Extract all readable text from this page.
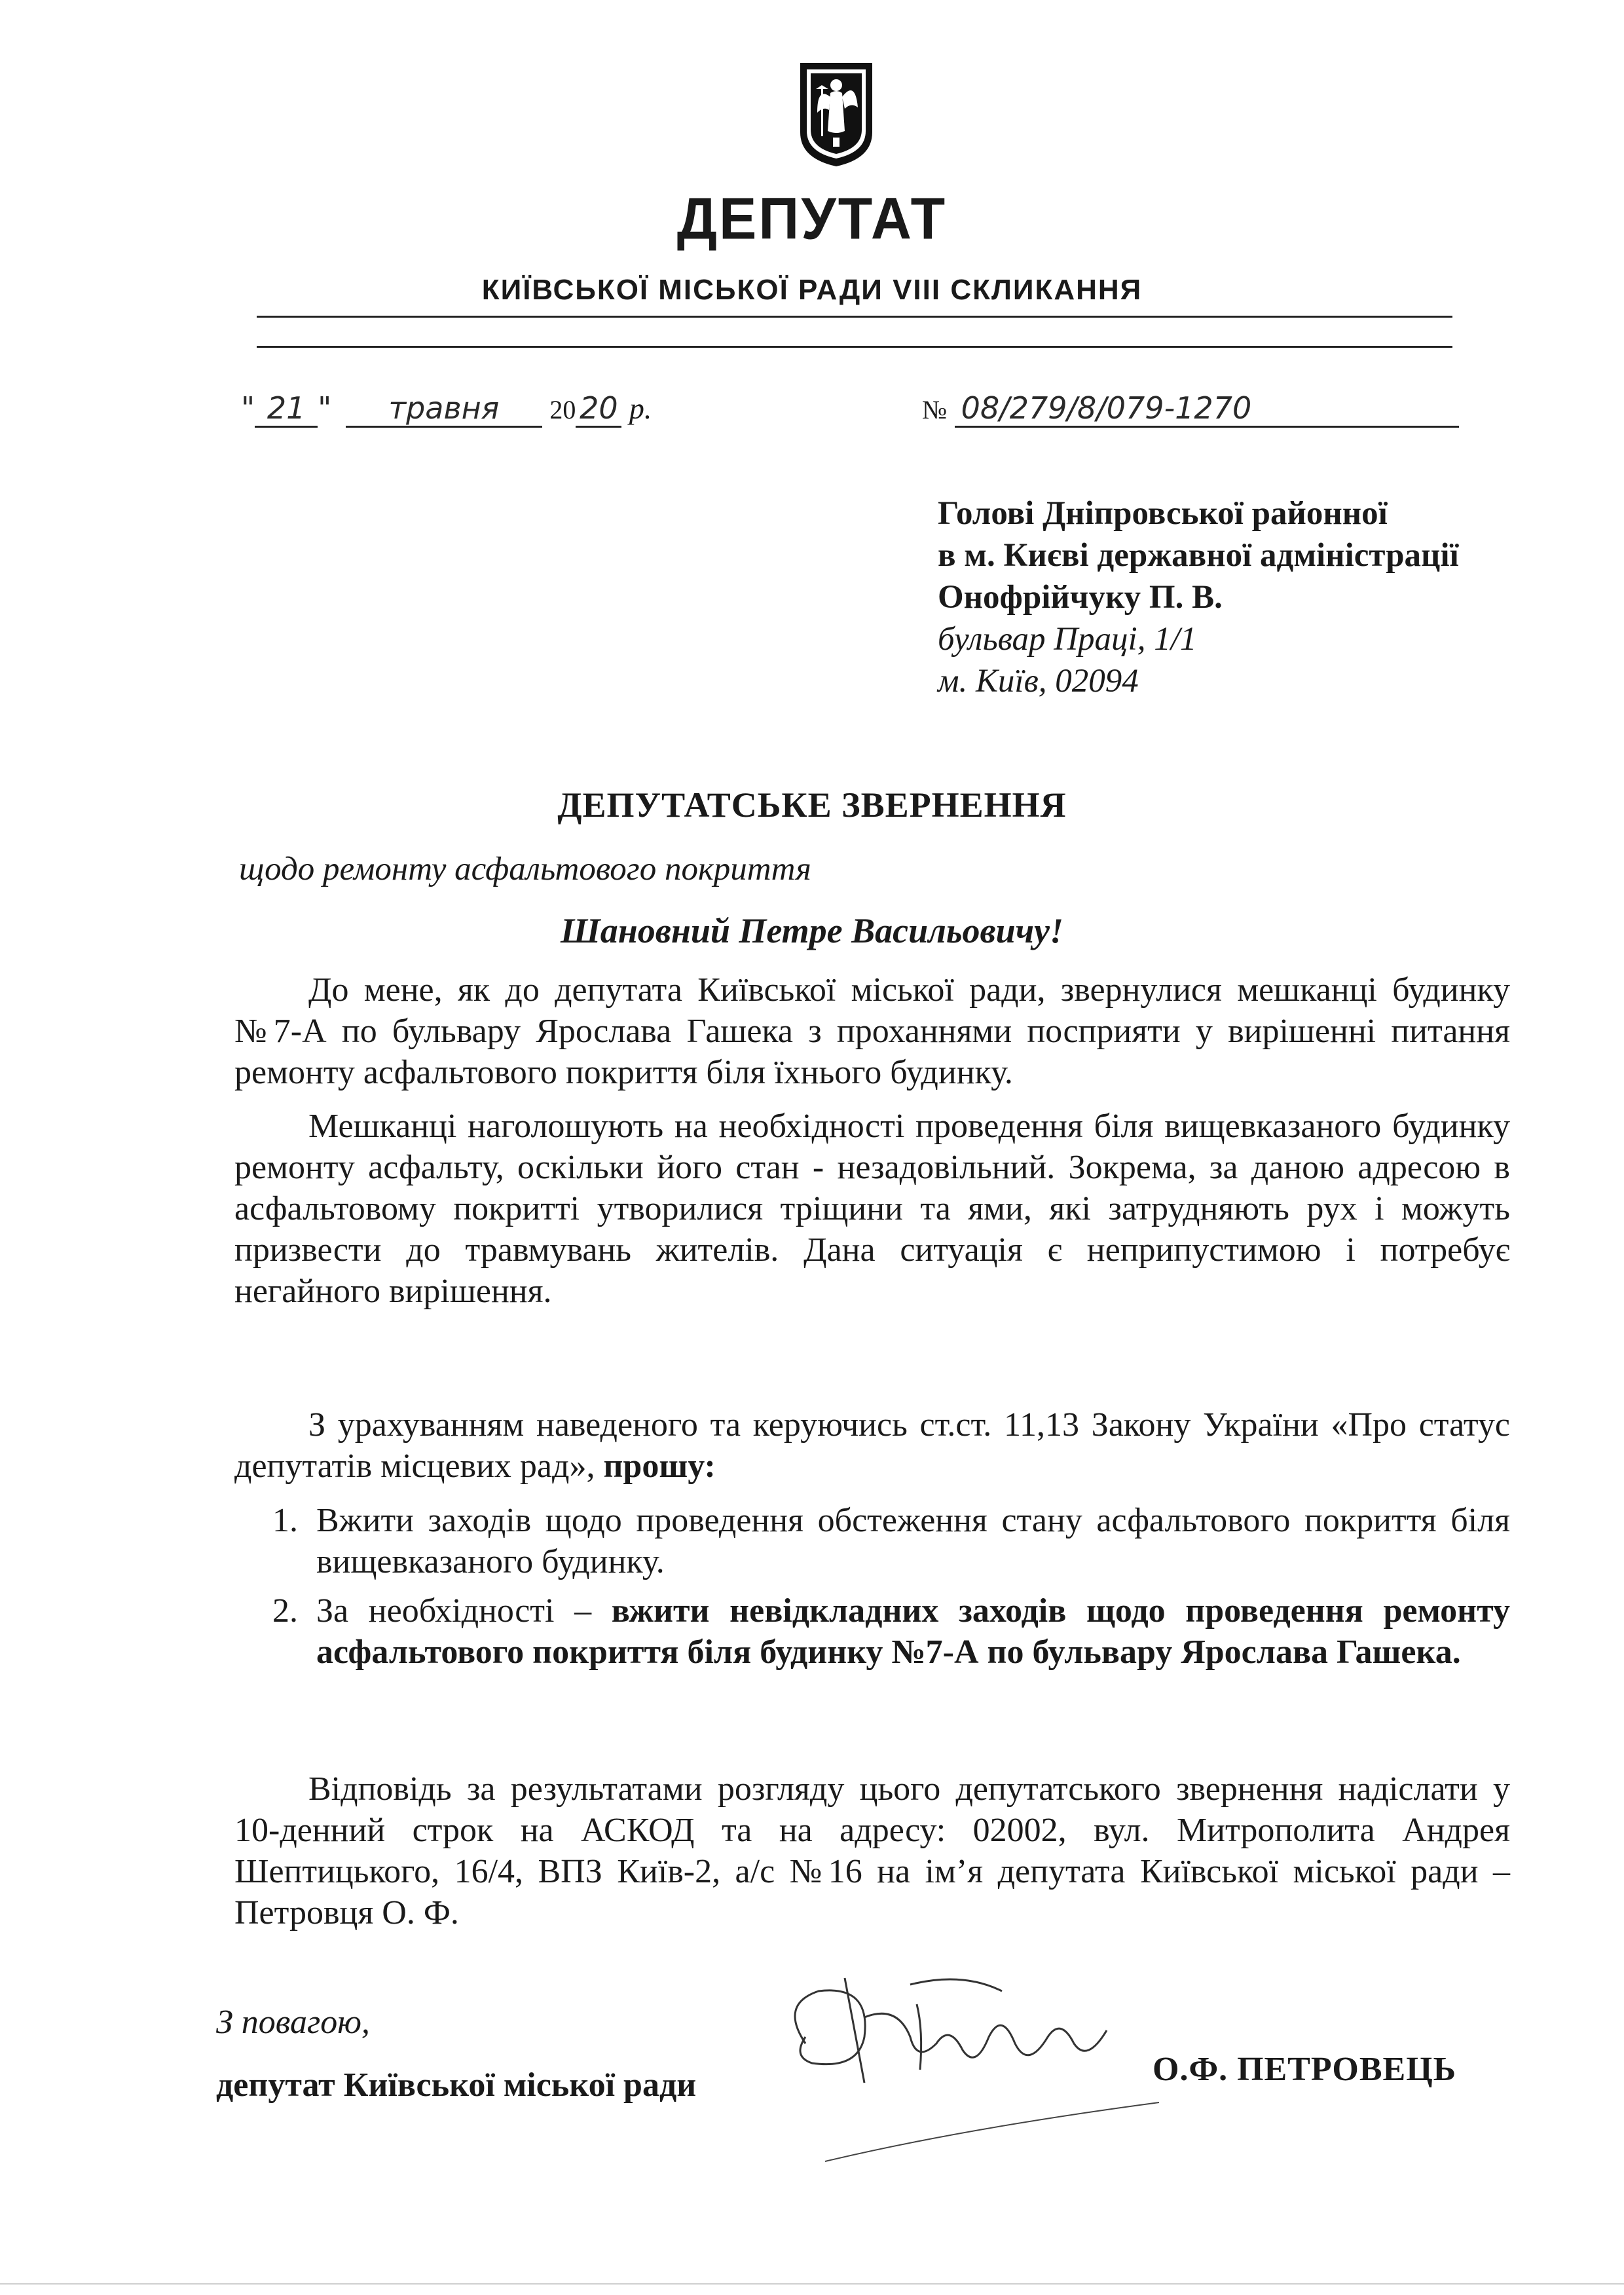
ДЕПУТАТ
КИЇВСЬКОЇ МІСЬКОЇ РАДИ VIII СКЛИКАННЯ
" 21 " травня 20 20 р.	№ 08/279/8/079-1270
Голові Дніпровської районної
в м. Києві державної адміністрації
Онофрійчуку П. В.
бульвар Праці, 1/1
м. Київ, 02094
ДЕПУТАТСЬКЕ ЗВЕРНЕННЯ
щодо ремонту асфальтового покриття
Шановний Петре Васильовичу!

До мене, як до депутата Київської міської ради, звернулися мешканці будинку №7-А по бульвару Ярослава Гашека з проханнями посприяти у вирішенні питання ремонту асфальтового покриття біля їхнього будинку.

Мешканці наголошують на необхідності проведення біля вищевказаного будинку ремонту асфальту, оскільки його стан - незадовільний. Зокрема, за даною адресою в асфальтовому покритті утворилися тріщини та ями, які затрудняють рух і можуть призвести до травмувань жителів. Дана ситуація є неприпустимою і потребує негайного вирішення.

З урахуванням наведеного та керуючись ст.ст. 11,13 Закону України «Про статус депутатів місцевих рад», прошу:

1. Вжити заходів щодо проведення обстеження стану асфальтового покриття біля вищевказаного будинку.
2. За необхідності – вжити невідкладних заходів щодо проведення ремонту асфальтового покриття біля будинку №7-А по бульвару Ярослава Гашека.

Відповідь за результатами розгляду цього депутатського звернення надіслати у 10-денний строк на АСКОД та на адресу: 02002, вул. Митрополита Андрея Шептицького, 16/4, ВПЗ Київ-2, а/с №16 на ім’я депутата Київської міської ради – Петровця О. Ф.

З повагою,
депутат Київської міської ради	О.Ф. ПЕТРОВЕЦЬ
